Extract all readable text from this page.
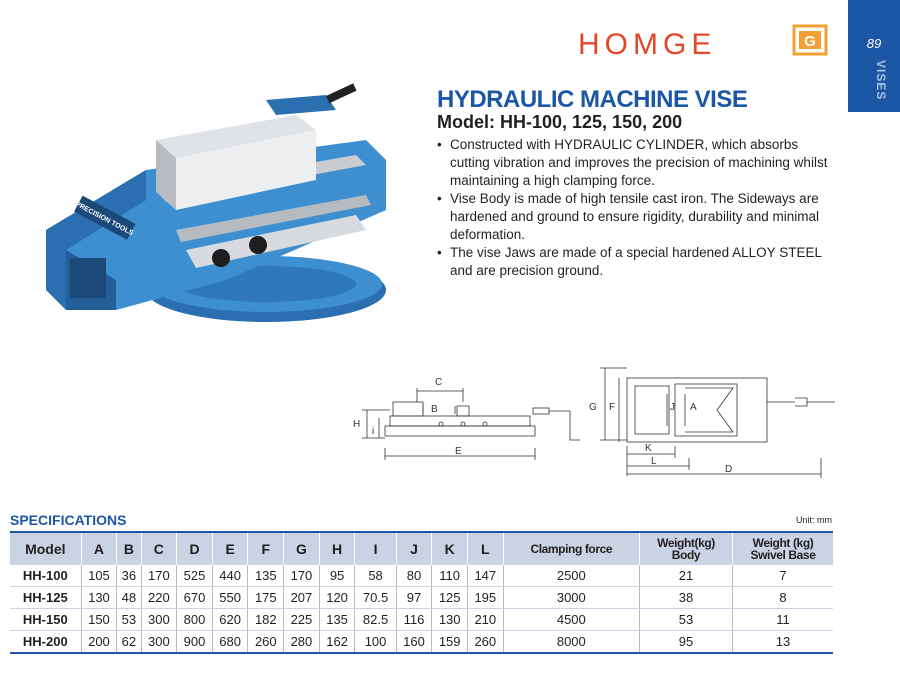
HOMGE	G	89
VISES
PRECISION TOOLS
HYDRAULIC MACHINE VISE
Model: HH-100, 125, 150, 200
• Constructed with HYDRAULIC CYLINDER, which absorbs cutting vibration and improves the precision of machining whilst maintaining a high clamping force.
• Vise Body is made of high tensile cast iron. The Sideways are hardened and ground to ensure rigidity, durability and minimal deformation.
• The vise Jaws are made of a special hardened ALLOY STEEL and are precision ground.
C
B
H
i
E
G F	J A
K
L
D
SPECIFICATIONS	Unit: mm
Model	A	B	C	D	E	F	G	H	I	J	K	L	Clamping force	Weight(kg) Body	Weight (kg) Swivel Base
HH-100	105	36	170	525	440	135	170	95	58	80	110	147	2500	21	7
HH-125	130	48	220	670	550	175	207	120	70.5	97	125	195	3000	38	8
HH-150	150	53	300	800	620	182	225	135	82.5	116	130	210	4500	53	11
HH-200	200	62	300	900	680	260	280	162	100	160	159	260	8000	95	13
